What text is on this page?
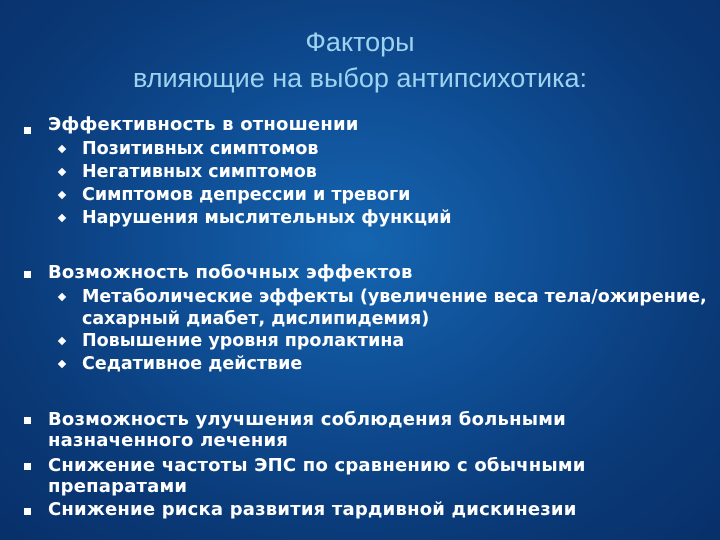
Факторы
влияющие на выбор антипсихотика:
Эффективность в отношении
Позитивных симптомов
Негативных симптомов
Симптомов депрессии и тревоги
Нарушения мыслительных функций
Возможность побочных эффектов
Метаболические эффекты (увеличение веса тела/ожирение, сахарный диабет, дислипидемия)
Повышение уровня пролактина
Седативное действие
Возможность улучшения соблюдения больными назначенного лечения
Снижение частоты ЭПС по сравнению с обычными препаратами
Снижение риска развития тардивной дискинезии
